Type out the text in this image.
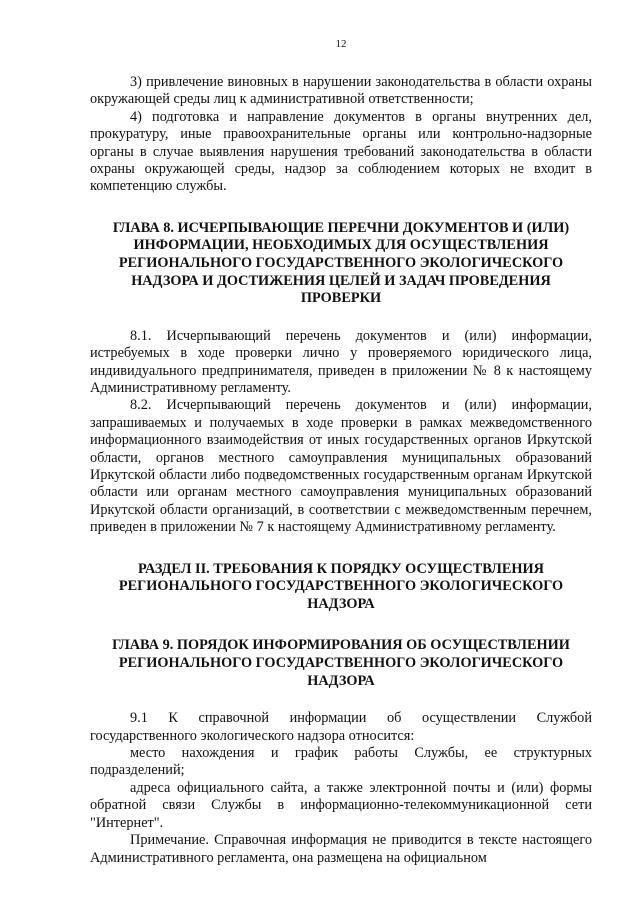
12

3) привлечение виновных в нарушении законодательства в области охраны окружающей среды лиц к административной ответственности;

4) подготовка и направление документов в органы внутренних дел, прокуратуру, иные правоохранительные органы или контрольно-надзорные органы в случае выявления нарушения требований законодательства в области охраны окружающей среды, надзор за соблюдением которых не входит в компетенцию службы.

ГЛАВА 8. ИСЧЕРПЫВАЮЩИЕ ПЕРЕЧНИ ДОКУМЕНТОВ И (ИЛИ) ИНФОРМАЦИИ, НЕОБХОДИМЫХ ДЛЯ ОСУЩЕСТВЛЕНИЯ РЕГИОНАЛЬНОГО ГОСУДАРСТВЕННОГО ЭКОЛОГИЧЕСКОГО НАДЗОРА И ДОСТИЖЕНИЯ ЦЕЛЕЙ И ЗАДАЧ ПРОВЕДЕНИЯ ПРОВЕРКИ

8.1. Исчерпывающий перечень документов и (или) информации, истребуемых в ходе проверки лично у проверяемого юридического лица, индивидуального предпринимателя, приведен в приложении № 8 к настоящему Административному регламенту.

8.2. Исчерпывающий перечень документов и (или) информации, запрашиваемых и получаемых в ходе проверки в рамках межведомственного информационного взаимодействия от иных государственных органов Иркутской области, органов местного самоуправления муниципальных образований Иркутской области либо подведомственных государственным органам Иркутской области или органам местного самоуправления муниципальных образований Иркутской области организаций, в соответствии с межведомственным перечнем, приведен в приложении № 7 к настоящему Административному регламенту.

РАЗДЕЛ II. ТРЕБОВАНИЯ К ПОРЯДКУ ОСУЩЕСТВЛЕНИЯ РЕГИОНАЛЬНОГО ГОСУДАРСТВЕННОГО ЭКОЛОГИЧЕСКОГО НАДЗОРА
ГЛАВА 9. ПОРЯДОК ИНФОРМИРОВАНИЯ ОБ ОСУЩЕСТВЛЕНИИ РЕГИОНАЛЬНОГО ГОСУДАРСТВЕННОГО ЭКОЛОГИЧЕСКОГО НАДЗОРА

9.1 К справочной информации об осуществлении Службой государственного экологического надзора относится:

место нахождения и график работы Службы, ее структурных подразделений;

адреса официального сайта, а также электронной почты и (или) формы обратной связи Службы в информационно-телекоммуникационной сети "Интернет".

Примечание. Справочная информация не приводится в тексте настоящего Административного регламента, она размещена на официальном
